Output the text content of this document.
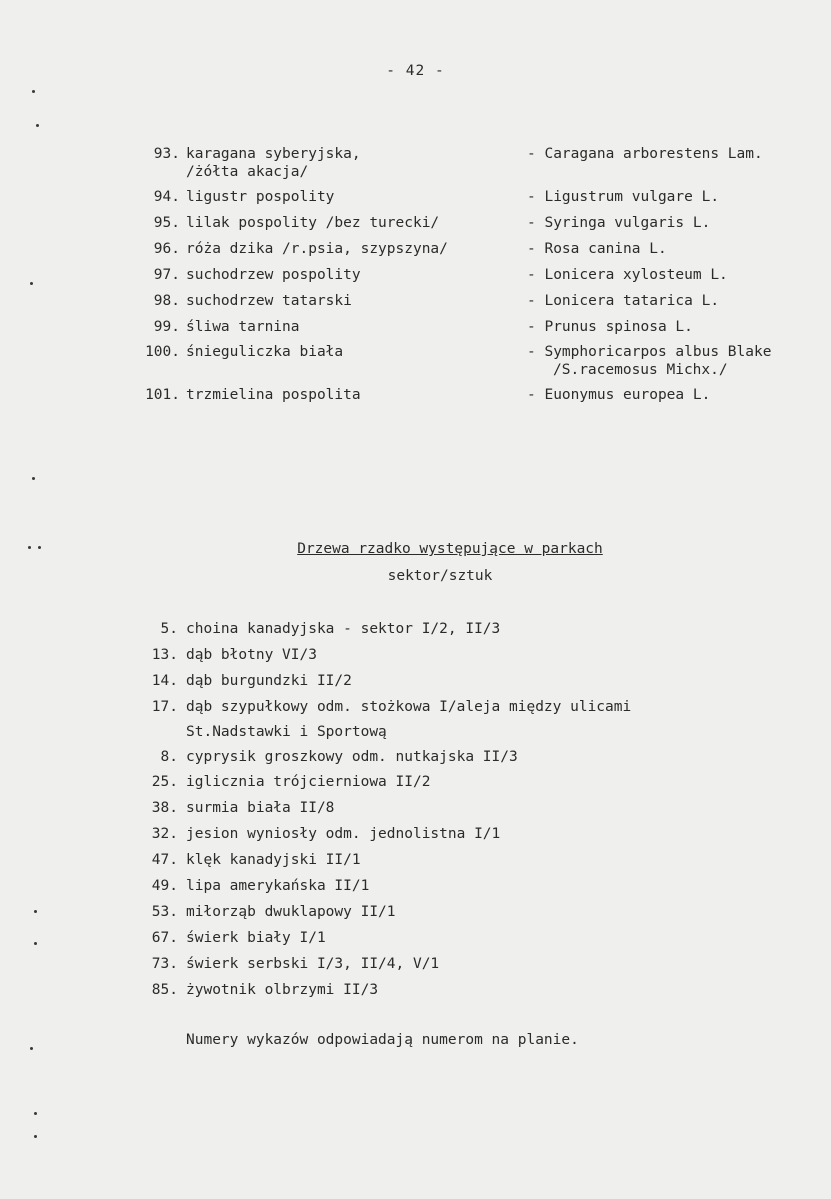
- 42 -
93. karagana syberyjska,
/żółta akacja/
- Caragana arborestens Lam.
94. ligustr pospolity	- Ligustrum vulgare L.
95. lilak pospolity /bez turecki/	- Syringa vulgaris L.
96. róża dzika /r.psia, szypszyna/	- Rosa canina L.
97. suchodrzew pospolity	- Lonicera xylosteum L.
98. suchodrzew tatarski	- Lonicera tatarica L.
99. śliwa tarnina	- Prunus spinosa L.
100. śnieguliczka biała	- Symphoricarpos albus Blake
/S.racemosus Michx./
101. trzmielina pospolita	- Euonymus europea L.
Drzewa rzadko występujące w parkach
sektor/sztuk
5. choina kanadyjska - sektor I/2, II/3
13. dąb błotny VI/3
14. dąb burgundzki II/2
17. dąb szypułkowy odm. stożkowa I/aleja między ulicami
St.Nadstawki i Sportową
8. cyprysik groszkowy odm. nutkajska II/3
25. iglicznia trójcierniowa II/2
38. surmia biała II/8
32. jesion wyniosły odm. jednolistna I/1
47. klęk kanadyjski II/1
49. lipa amerykańska II/1
53. miłorząb dwuklapowy II/1
67. świerk biały I/1
73. świerk serbski I/3, II/4, V/1
85. żywotnik olbrzymi II/3
Numery wykazów odpowiadają numerom na planie.
